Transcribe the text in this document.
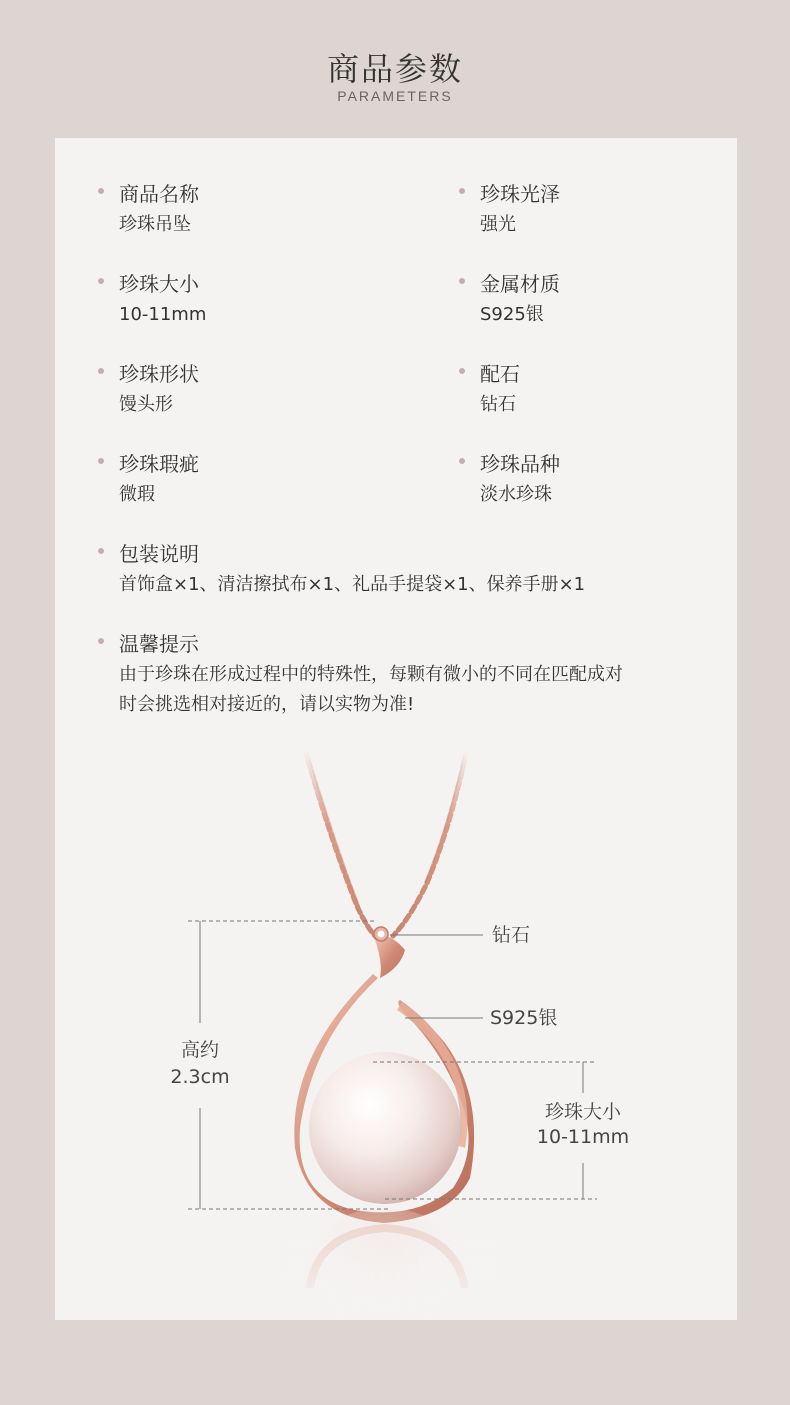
商品参数
PARAMETERS
商品名称
珍珠吊坠
珍珠光泽
强光
珍珠大小
10-11mm
金属材质
S925银
珍珠形状
馒头形
配石
钻石
珍珠瑕疵
微瑕
珍珠品种
淡水珍珠
包装说明
首饰盒×1、清洁擦拭布×1、礼品手提袋×1、保养手册×1
温馨提示
由于珍珠在形成过程中的特殊性，每颗有微小的不同在匹配成对
时会挑选相对接近的，请以实物为准!
钻石
S925银
高约
2.3cm
珍珠大小
10-11mm
